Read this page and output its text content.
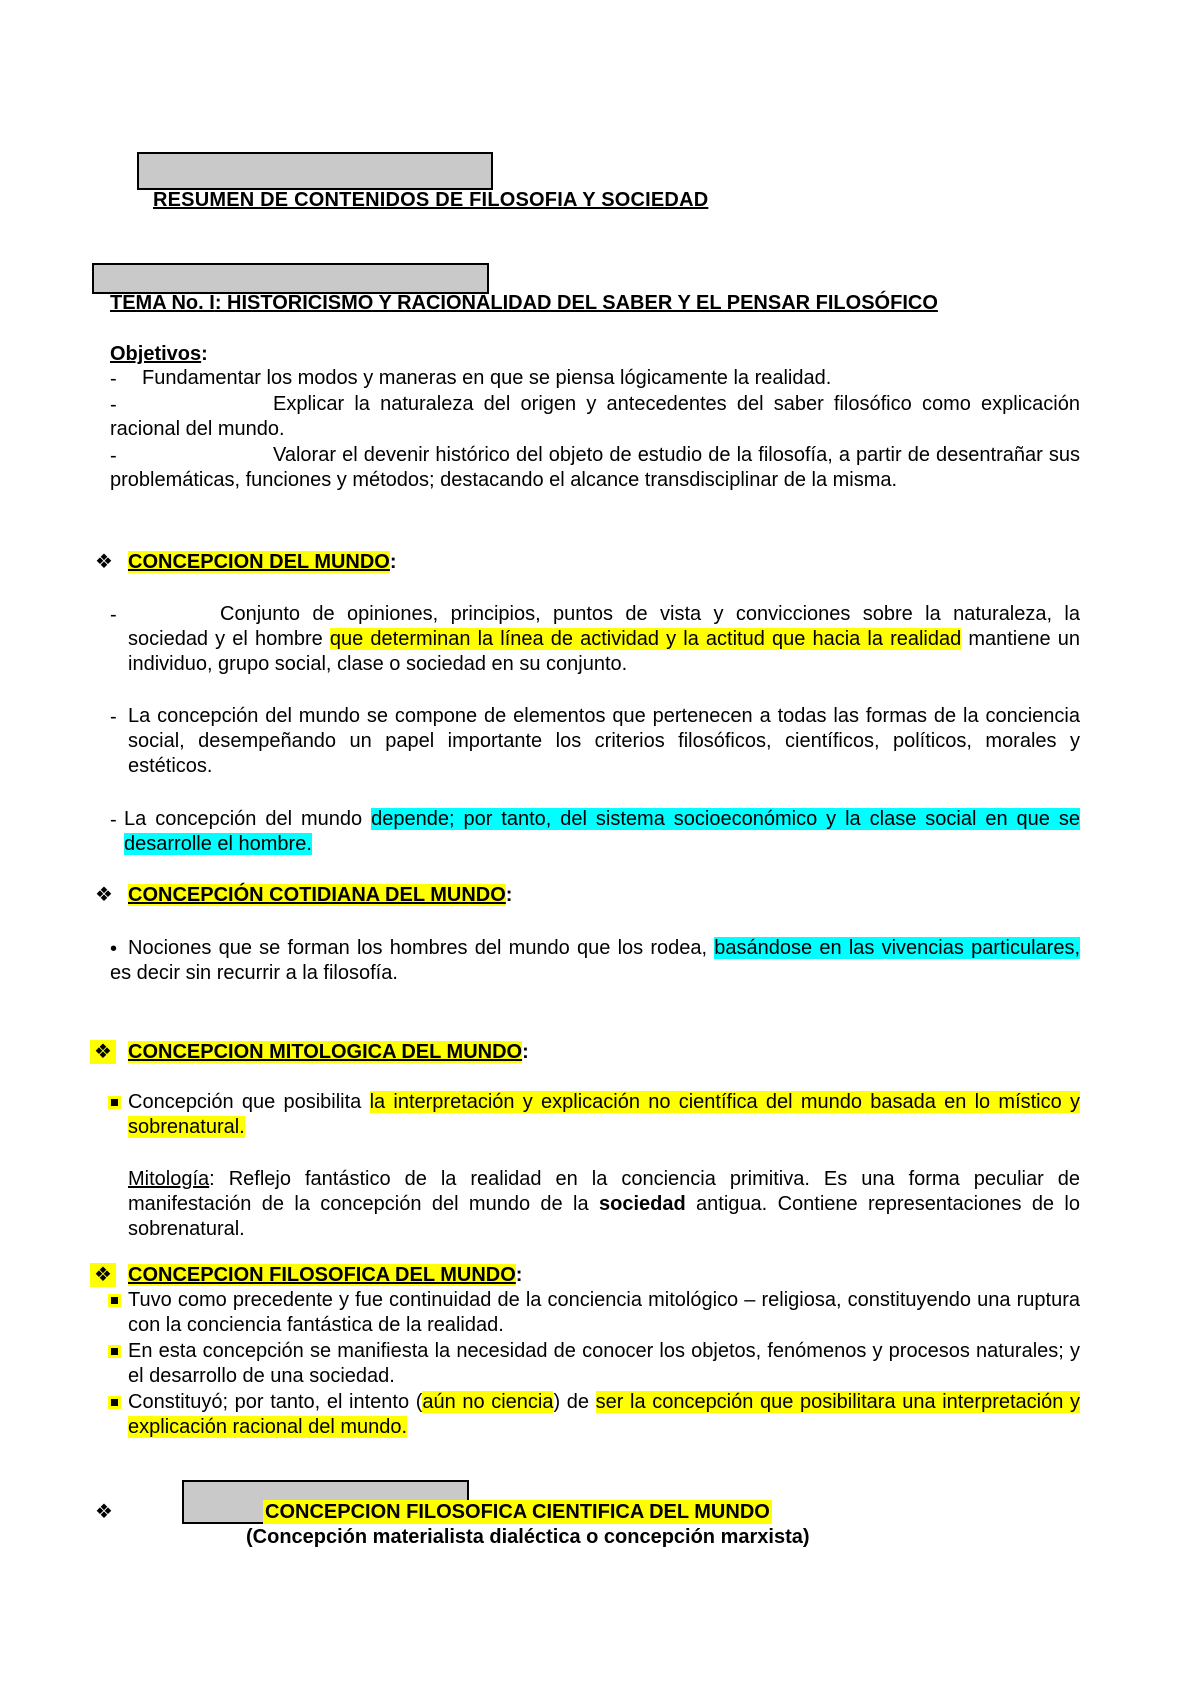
RESUMEN DE CONTENIDOS DE FILOSOFIA Y SOCIEDAD
TEMA No. I: HISTORICISMO Y RACIONALIDAD DEL SABER Y EL PENSAR FILOSÓFICO
Objetivos:
-	Fundamentar los modos y maneras en que se piensa lógicamente la realidad.
-	Explicar la naturaleza del origen y antecedentes del saber filosófico como explicación racional del mundo.
-	Valorar el devenir histórico del objeto de estudio de la filosofía, a partir de desentrañar sus problemáticas, funciones y métodos; destacando el alcance transdisciplinar de la misma.
❖ CONCEPCION DEL MUNDO:
-	Conjunto de opiniones, principios, puntos de vista y convicciones sobre la naturaleza, la sociedad y el hombre que determinan la línea de actividad y la actitud que hacia la realidad mantiene un individuo, grupo social, clase o sociedad en su conjunto.
- La concepción del mundo se compone de elementos que pertenecen a todas las formas de la conciencia social, desempeñando un papel importante los criterios filosóficos, científicos, políticos, morales y estéticos.
- La concepción del mundo depende; por tanto, del sistema socioeconómico y la clase social en que se desarrolle el hombre.
❖ CONCEPCIÓN COTIDIANA DEL MUNDO:
• Nociones que se forman los hombres del mundo que los rodea, basándose en las vivencias particulares, es decir sin recurrir a la filosofía.
❖ CONCEPCION MITOLOGICA DEL MUNDO:
Concepción que posibilita la interpretación y explicación no científica del mundo basada en lo místico y sobrenatural.
Mitología: Reflejo fantástico de la realidad en la conciencia primitiva. Es una forma peculiar de manifestación de la concepción del mundo de la sociedad antigua. Contiene representaciones de lo sobrenatural.
❖ CONCEPCION FILOSOFICA DEL MUNDO:
Tuvo como precedente y fue continuidad de la conciencia mitológico – religiosa, constituyendo una ruptura con la conciencia fantástica de la realidad.
En esta concepción se manifiesta la necesidad de conocer los objetos, fenómenos y procesos naturales; y el desarrollo de una sociedad.
Constituyó; por tanto, el intento (aún no ciencia) de ser la concepción que posibilitara una interpretación y explicación racional del mundo.
❖	CONCEPCION FILOSOFICA CIENTIFICA DEL MUNDO
(Concepción materialista dialéctica o concepción marxista)
